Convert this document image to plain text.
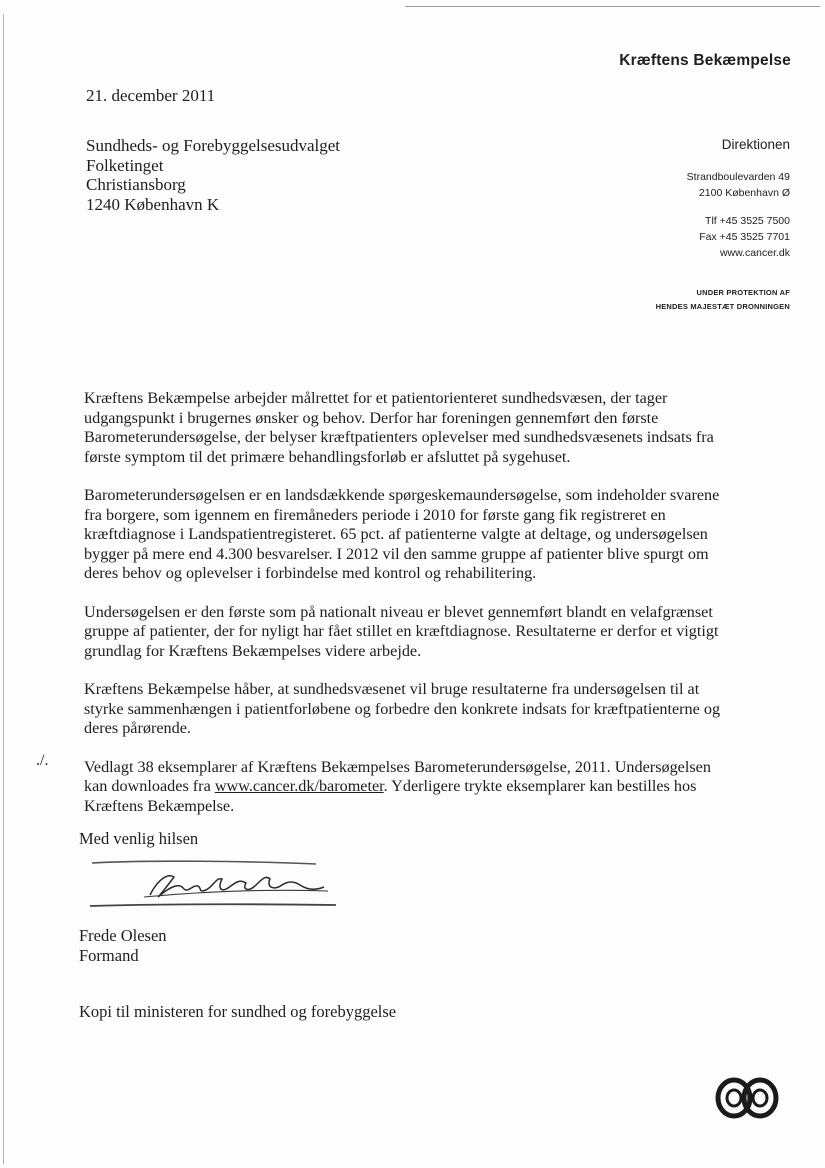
Kræftens Bekæmpelse
21. december 2011
Sundheds- og Forebyggelsesudvalget
Folketinget
Christiansborg
1240 København K
Direktionen
Strandboulevarden 49
2100 København Ø
Tlf +45 3525 7500
Fax +45 3525 7701
www.cancer.dk
UNDER PROTEKTION AF
HENDES MAJESTÆT DRONNINGEN

Kræftens Bekæmpelse arbejder målrettet for et patientorienteret sundhedsvæsen, der tager udgangspunkt i brugernes ønsker og behov. Derfor har foreningen gennemført den første Barometerundersøgelse, der belyser kræftpatienters oplevelser med sundhedsvæsenets indsats fra første symptom til det primære behandlingsforløb er afsluttet på sygehuset.

Barometerundersøgelsen er en landsdækkende spørgeskemaundersøgelse, som indeholder svarene fra borgere, som igennem en firemåneders periode i 2010 for første gang fik registreret en kræftdiagnose i Landspatientregisteret. 65 pct. af patienterne valgte at deltage, og undersøgelsen bygger på mere end 4.300 besvarelser. I 2012 vil den samme gruppe af patienter blive spurgt om deres behov og oplevelser i forbindelse med kontrol og rehabilitering.

Undersøgelsen er den første som på nationalt niveau er blevet gennemført blandt en velafgrænset gruppe af patienter, der for nyligt har fået stillet en kræftdiagnose. Resultaterne er derfor et vigtigt grundlag for Kræftens Bekæmpelses videre arbejde.

Kræftens Bekæmpelse håber, at sundhedsvæsenet vil bruge resultaterne fra undersøgelsen til at styrke sammenhængen i patientforløbene og forbedre den konkrete indsats for kræftpatienterne og deres pårørende.

Vedlagt 38 eksemplarer af Kræftens Bekæmpelses Barometerundersøgelse, 2011. Undersøgelsen kan downloades fra www.cancer.dk/barometer. Yderligere trykte eksemplarer kan bestilles hos Kræftens Bekæmpelse.

./.
Med venlig hilsen
Frede Olesen
Formand
Kopi til ministeren for sundhed og forebyggelse
